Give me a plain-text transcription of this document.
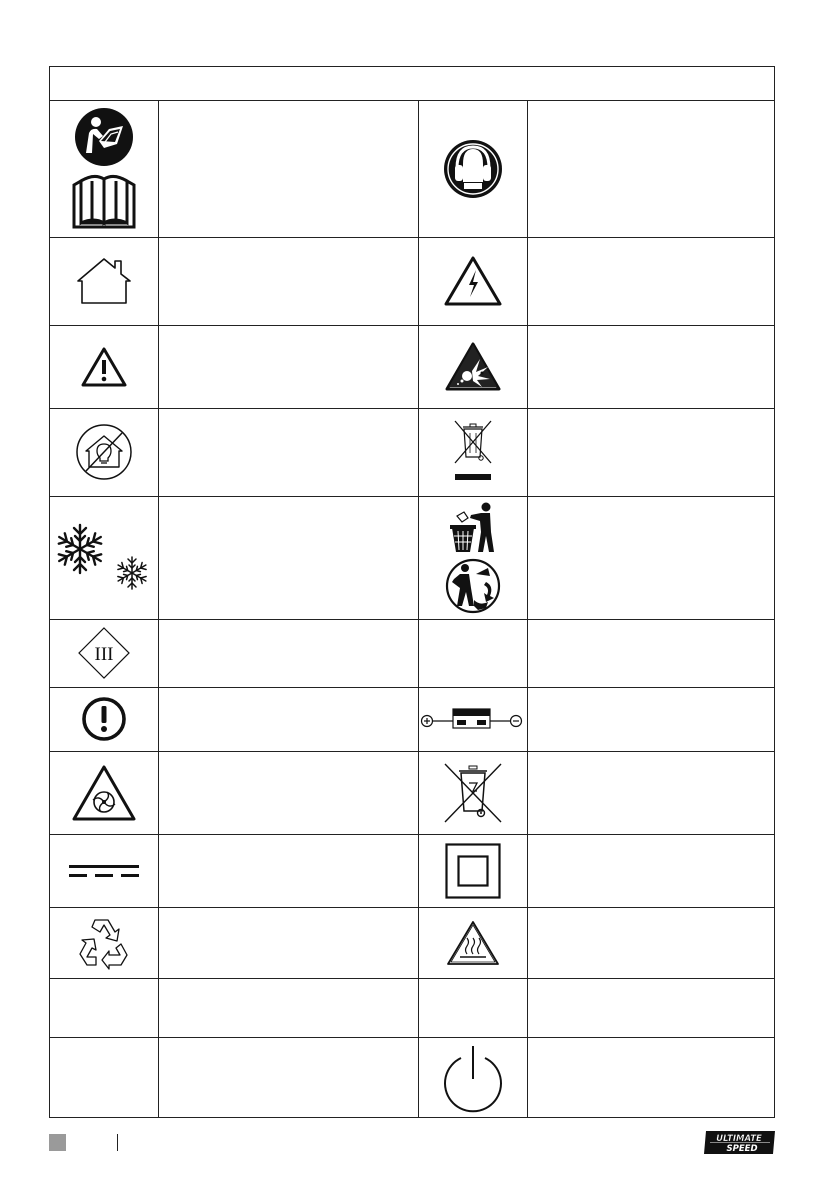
III
ULTIMATE
SPEED
